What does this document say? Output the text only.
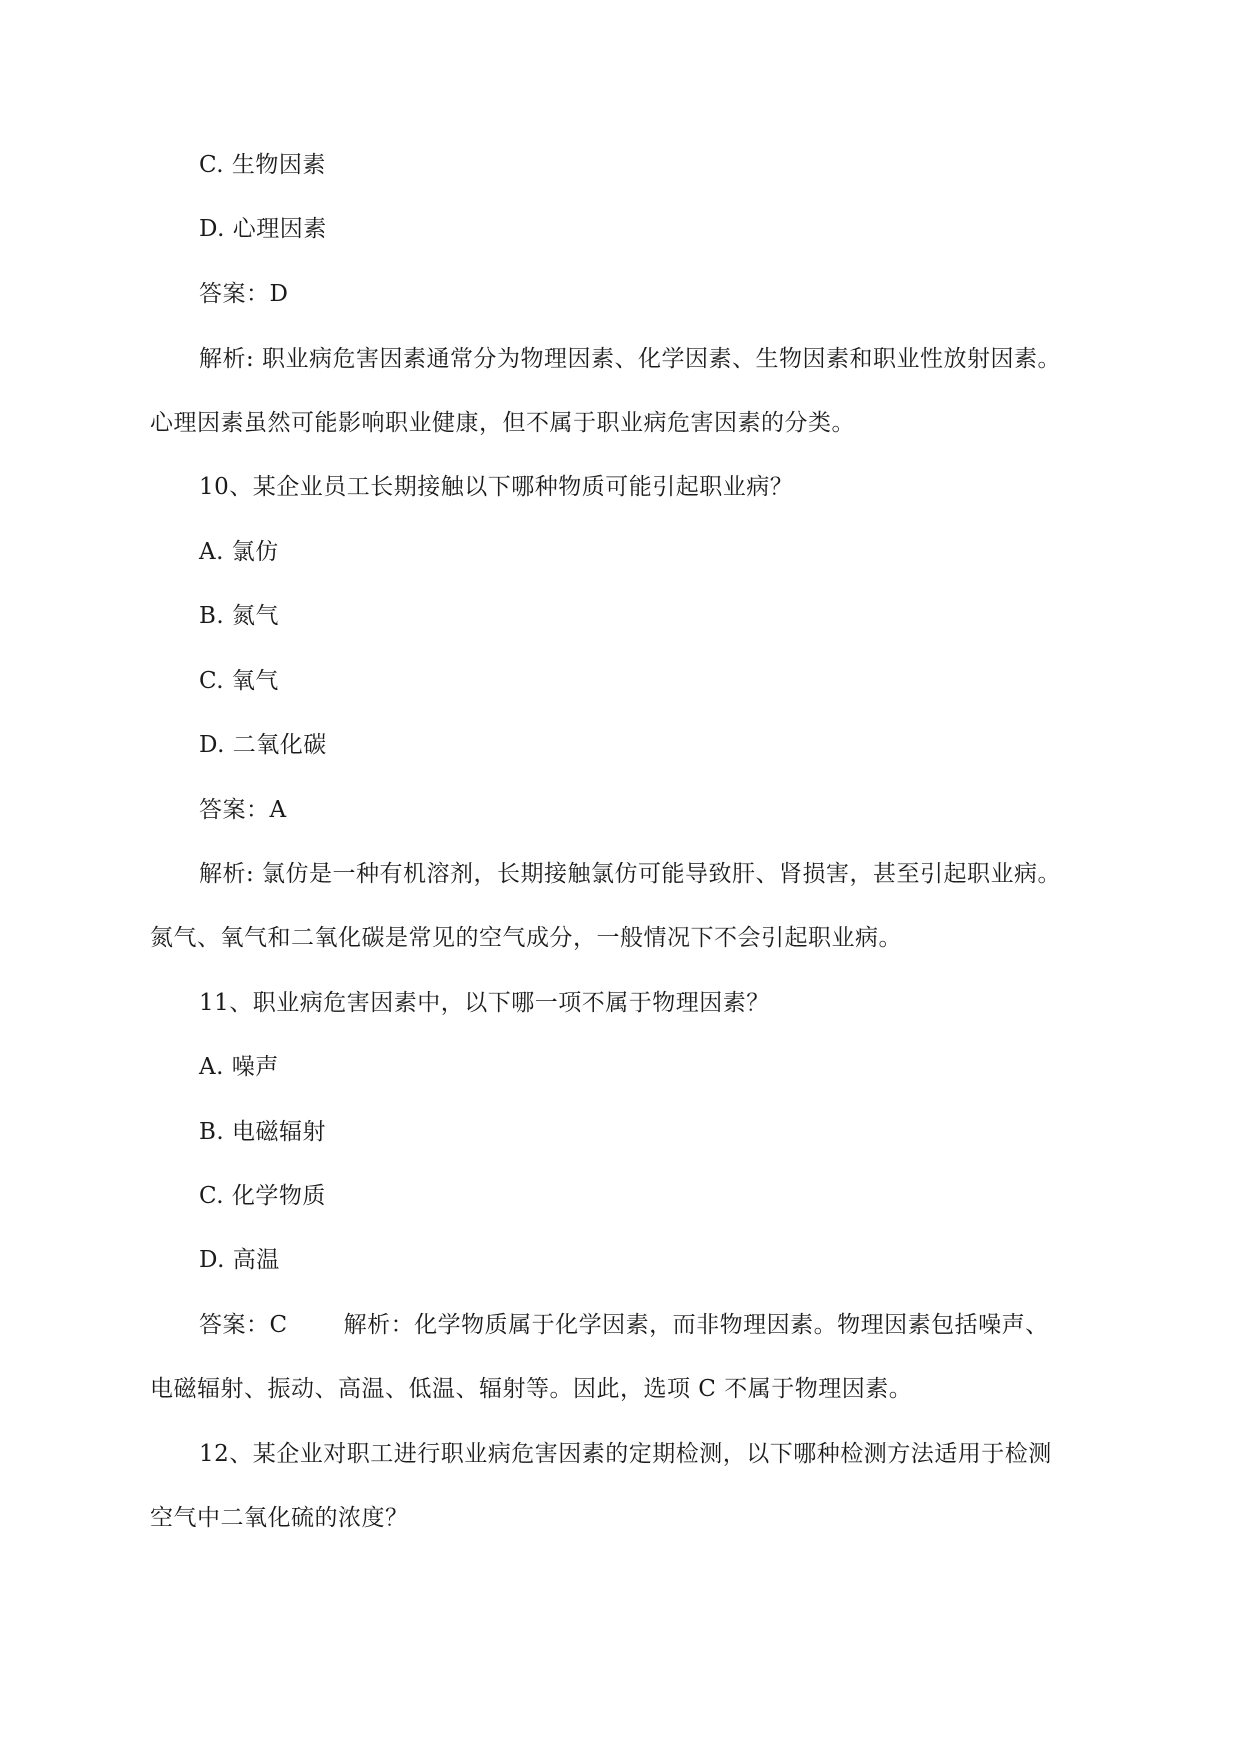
C. 生物因素
D. 心理因素
答案：D
解析: 职业病危害因素通常分为物理因素、化学因素、生物因素和职业性放射因素。
心理因素虽然可能影响职业健康，但不属于职业病危害因素的分类。
10、某企业员工长期接触以下哪种物质可能引起职业病？
A. 氯仿
B. 氮气
C. 氧气
D. 二氧化碳
答案：A
解析: 氯仿是一种有机溶剂，长期接触氯仿可能导致肝、肾损害，甚至引起职业病。
氮气、氧气和二氧化碳是常见的空气成分，一般情况下不会引起职业病。
11、职业病危害因素中，以下哪一项不属于物理因素？
A. 噪声
B. 电磁辐射
C. 化学物质
D. 高温
答案：C 解析：化学物质属于化学因素，而非物理因素。物理因素包括噪声、
电磁辐射、振动、高温、低温、辐射等。因此，选项 C 不属于物理因素。
12、某企业对职工进行职业病危害因素的定期检测，以下哪种检测方法适用于检测
空气中二氧化硫的浓度？
